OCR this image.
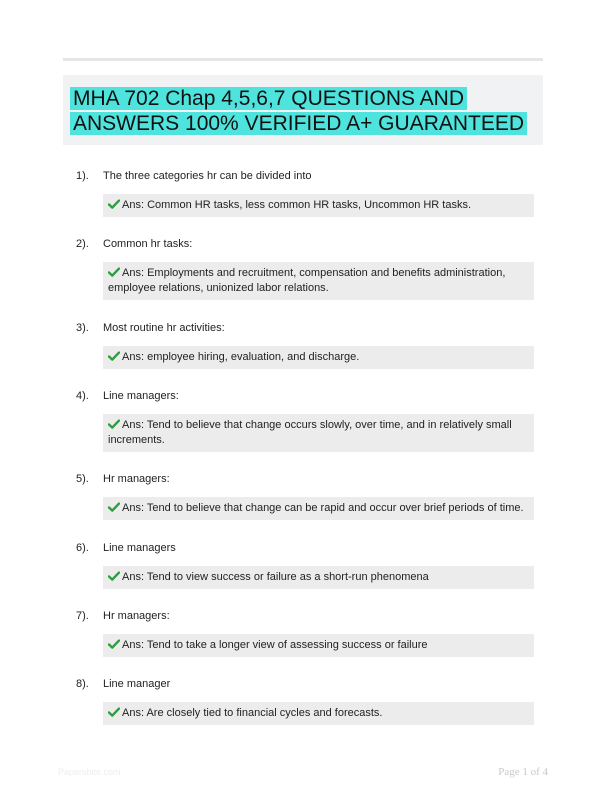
MHA 702 Chap 4,5,6,7 QUESTIONS AND
ANSWERS 100% VERIFIED A+ GUARANTEED
1). The three categories hr can be divided into
Ans: Common HR tasks, less common HR tasks, Uncommon HR tasks.
2). Common hr tasks:
Ans: Employments and recruitment, compensation and benefits administration, employee relations, unionized labor relations.
3). Most routine hr activities:
Ans: employee hiring, evaluation, and discharge.
4). Line managers:
Ans: Tend to believe that change occurs slowly, over time, and in relatively small increments.
5). Hr managers:
Ans: Tend to believe that change can be rapid and occur over brief periods of time.
6). Line managers
Ans: Tend to view success or failure as a short-run phenomena
7). Hr managers:
Ans: Tend to take a longer view of assessing success or failure
8). Line manager
Ans: Are closely tied to financial cycles and forecasts.
Papersbite.com	Page 1 of 4
